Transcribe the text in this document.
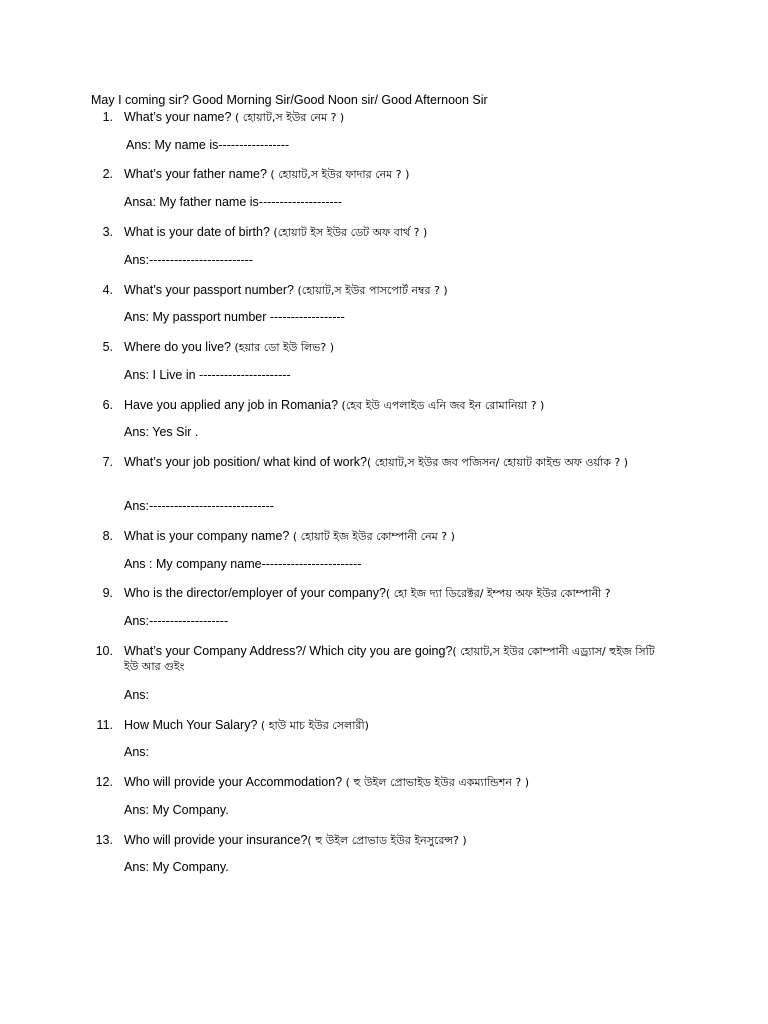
May I coming sir? Good Morning Sir/Good Noon sir/ Good Afternoon Sir
1. What’s your name? ( হোয়াট,স ইউর নেম ? )
Ans: My name is-----------------
2. What’s your father name? ( হোয়াট,স ইউর ফাদার নেম ? )
Ansa: My father name is--------------------
3. What is your date of birth? (হোয়াট ইস ইউর ডেট অফ বার্থ ? )
Ans:-------------------------
4. What’s your passport number? (হোয়াট,স ইউর পাসপোর্ট নম্বর ? )
Ans: My passport number ------------------
5. Where do you live? (হয়ার ডো ইউ লিভ? )
Ans: I Live in ----------------------
6. Have you applied any job in Romania? (হেব ইউ এপলাইড এনি জব ইন রোমানিয়া ? )
Ans: Yes Sir .
7. What’s your job position/ what kind of work?( হোয়াট,স ইউর জব পজিসন/ হোয়াট কাইন্ড অফ ওর্য়াক ? )
Ans:------------------------------
8. What is your company name? ( হোয়াট ইজ ইউর কোম্পানী নেম ? )
Ans : My company name------------------------
9. Who is the director/employer of your company?( হো ইজ দ্যা ডিরেক্টর/ ইম্পয় অফ ইউর কোম্পানী ?
Ans:-------------------
10. What’s your Company Address?/ Which city you are going?( হোয়াট,স ইউর কোম্পানী এড্র্যাস/ হুইজ সিটি ইউ আর গুইং
Ans:
11. How Much Your Salary? ( হাউ মাচ ইউর সেলারী)
Ans:
12. Who will provide your Accommodation? ( হু উইল প্রোভাইড ইউর একম্যান্ডিশন ? )
Ans: My Company.
13. Who will provide your insurance?( হু উইল প্রোভাড ইউর ইনসুরেন্স? )
Ans: My Company.
